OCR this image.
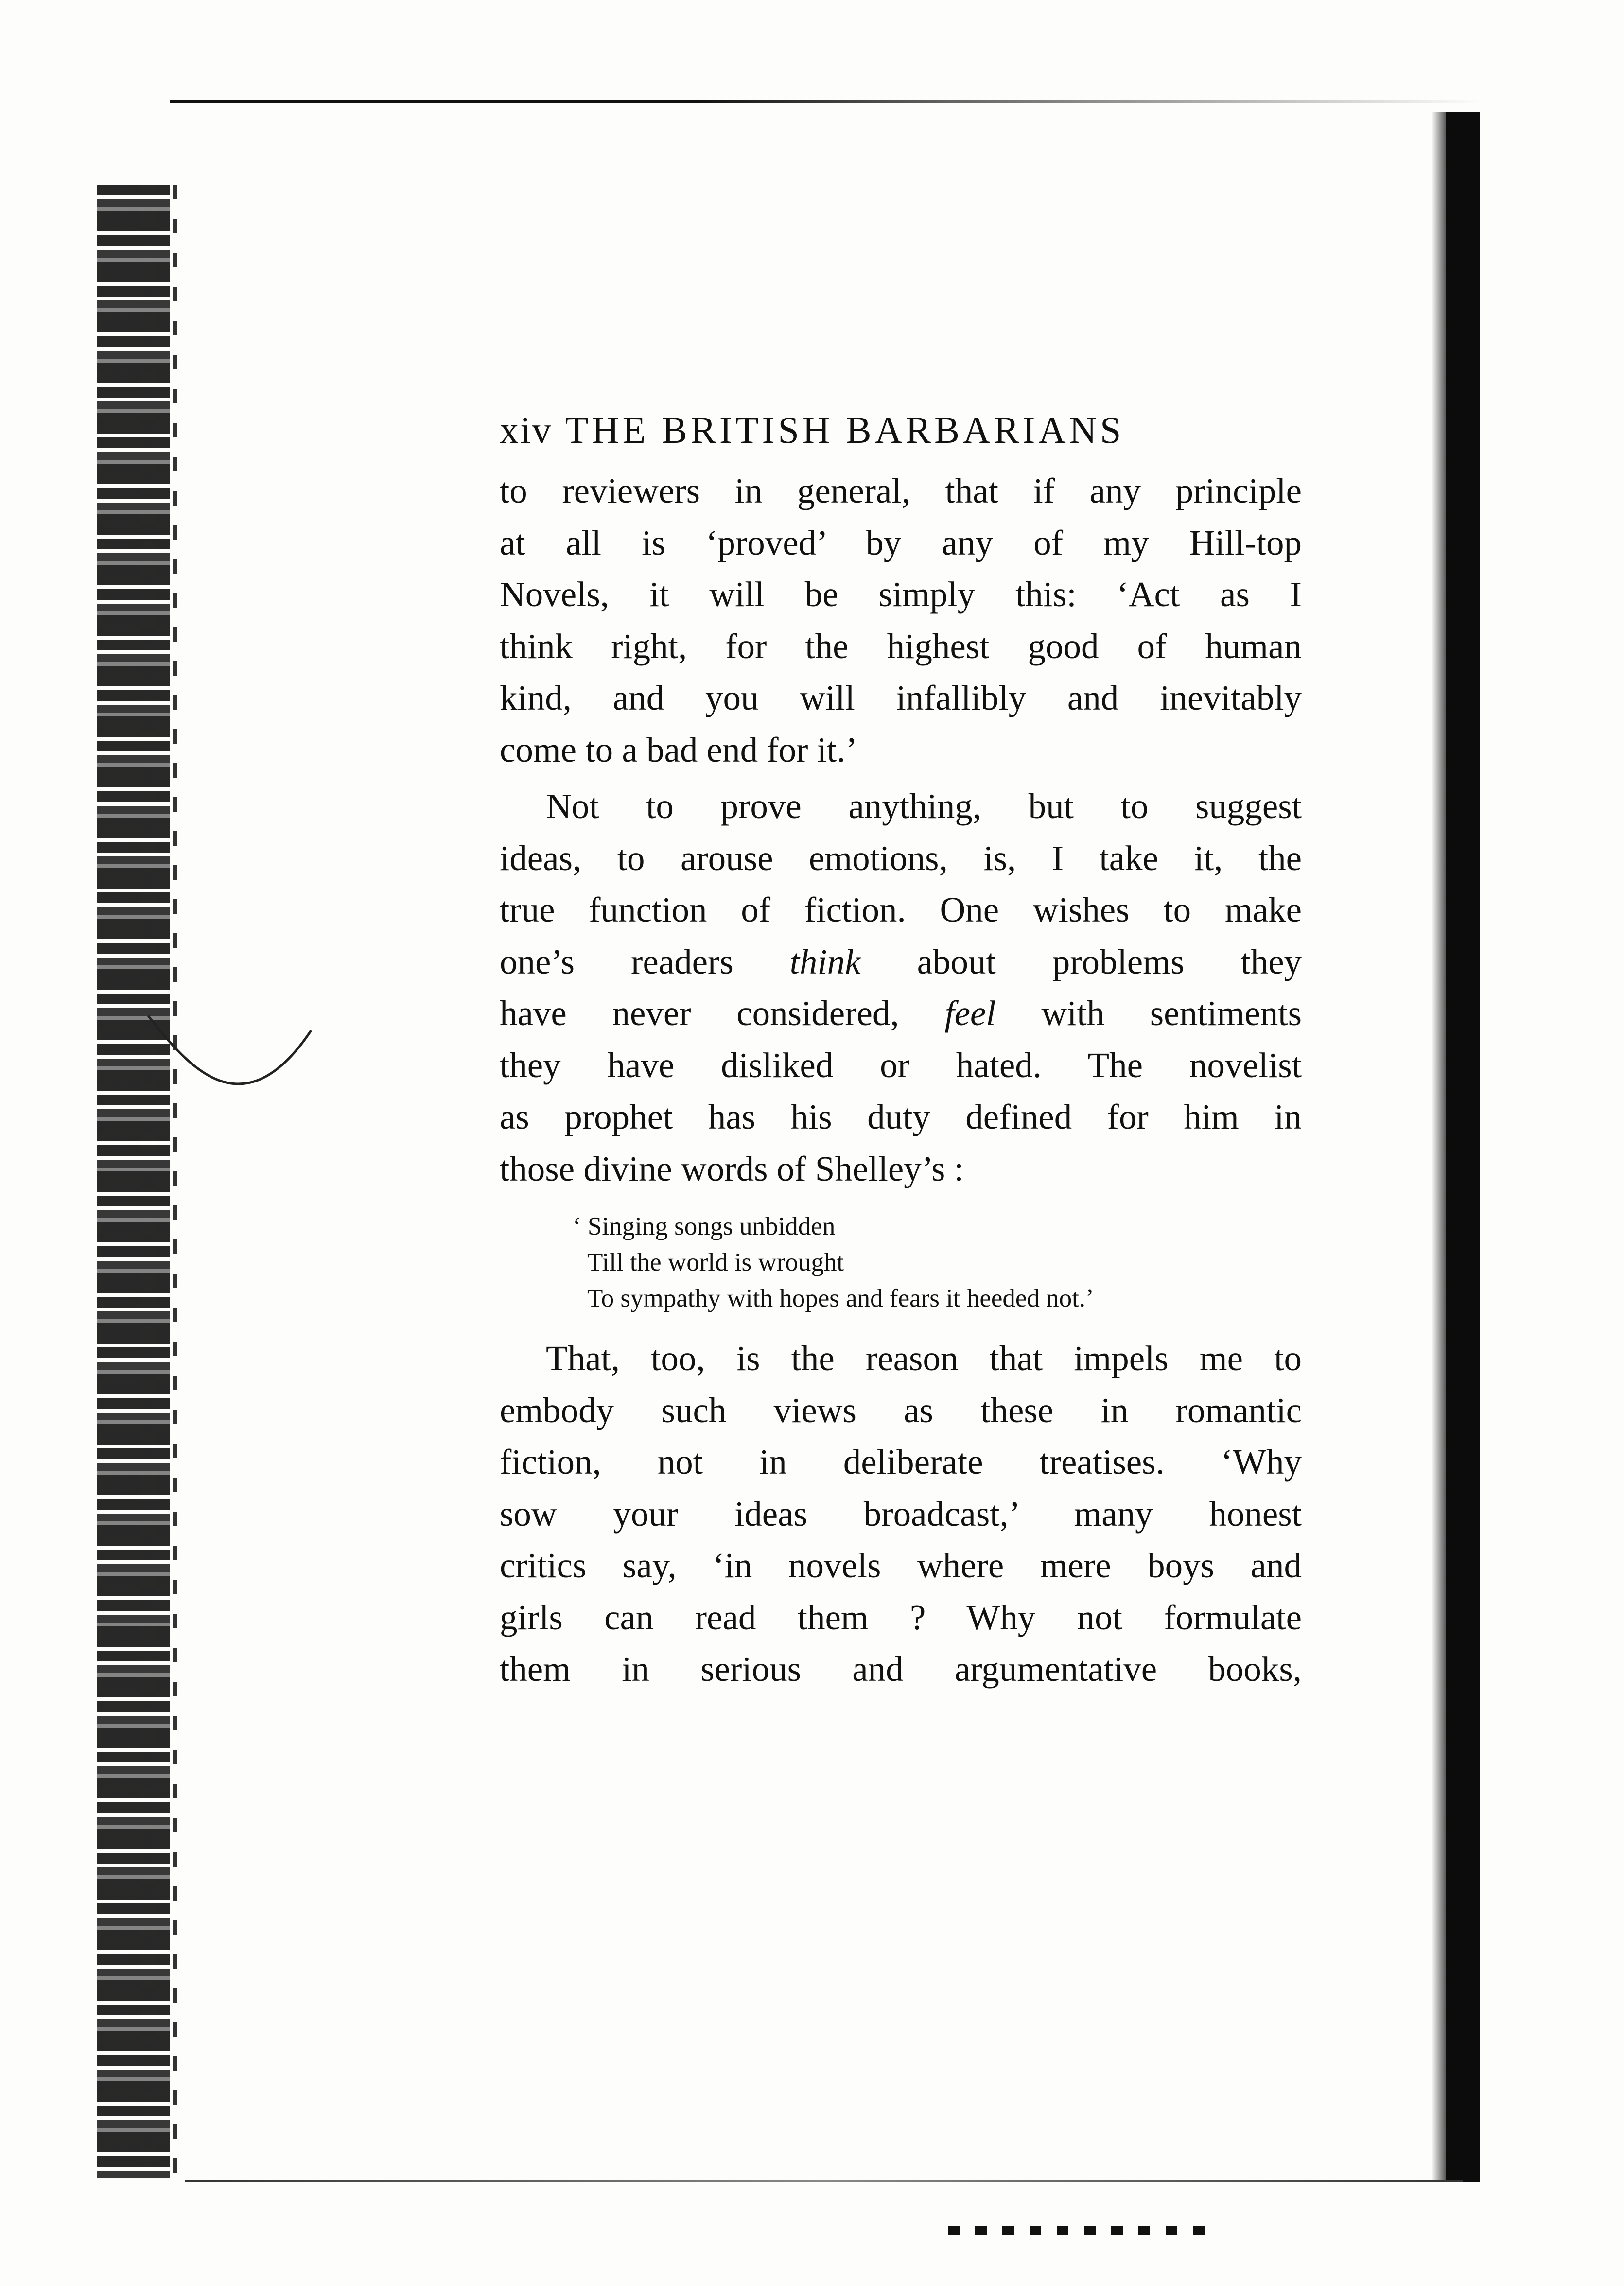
xiv THE BRITISH BARBARIANS

to reviewers in general, that if any principle
at all is ‘proved’ by any of my Hill-top
Novels, it will be simply this: ‘Act as I
think right, for the highest good of human
kind, and you will infallibly and inevitably
come to a bad end for it.’

Not to prove anything, but to suggest
ideas, to arouse emotions, is, I take it, the
true function of fiction. One wishes to make
one’s readers think about problems they
have never considered, feel with sentiments
they have disliked or hated. The novelist
as prophet has his duty defined for him in
those divine words of Shelley’s :

‘ Singing songs unbidden
Till the world is wrought
To sympathy with hopes and fears it heeded not.’

That, too, is the reason that impels me to
embody such views as these in romantic
fiction, not in deliberate treatises. ‘Why
sow your ideas broadcast,’ many honest
critics say, ‘in novels where mere boys and
girls can read them ? Why not formulate
them in serious and argumentative books,
